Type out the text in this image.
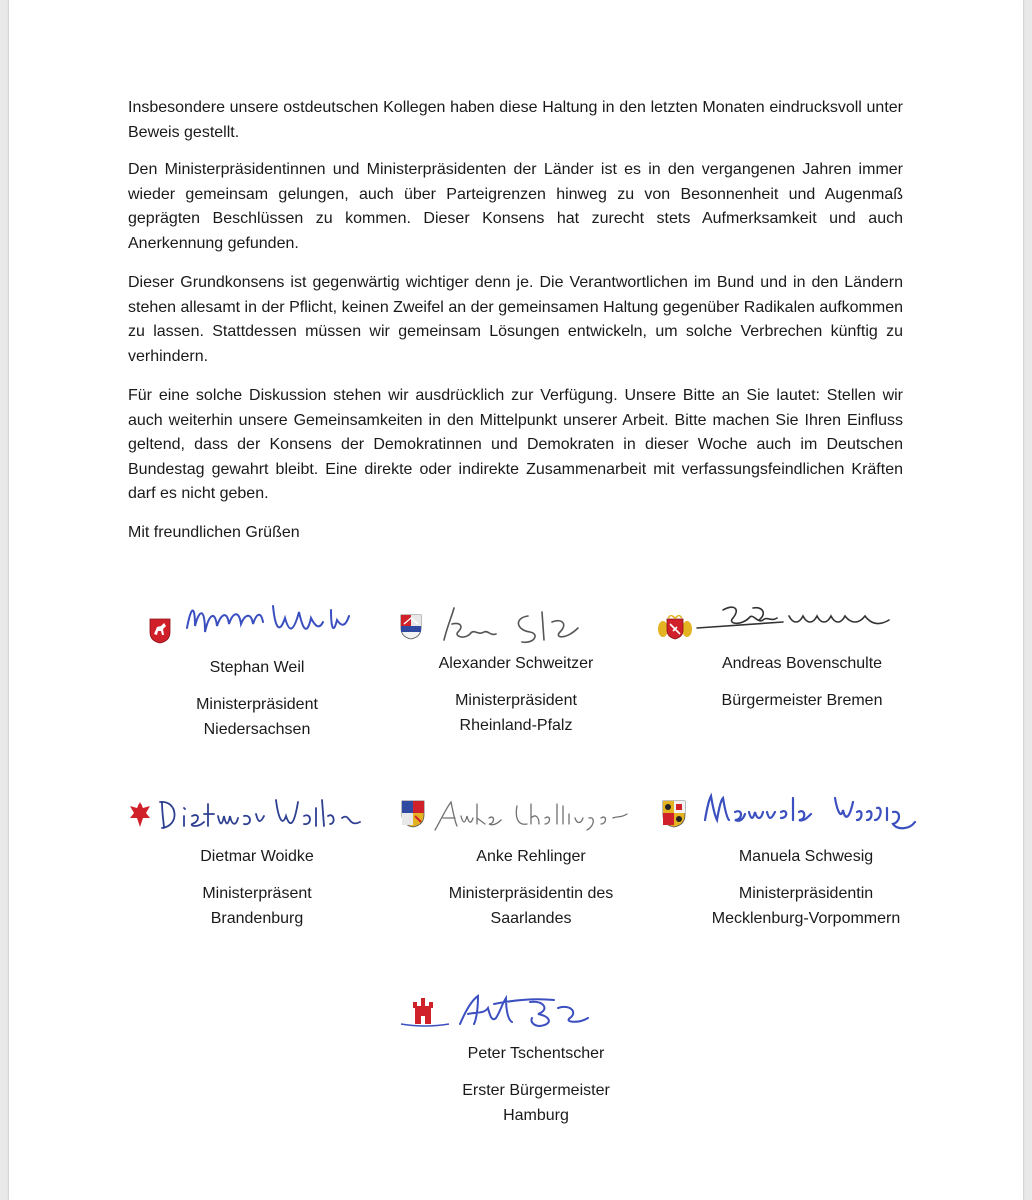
Insbesondere unsere ostdeutschen Kollegen haben diese Haltung in den letzten Monaten eindrucksvoll unter Beweis gestellt.

Den Ministerpräsidentinnen und Ministerpräsidenten der Länder ist es in den vergangenen Jahren immer wieder gemeinsam gelungen, auch über Parteigrenzen hinweg zu von Besonnenheit und Augenmaß geprägten Beschlüssen zu kommen. Dieser Konsens hat zurecht stets Aufmerksamkeit und auch Anerkennung gefunden.

Dieser Grundkonsens ist gegenwärtig wichtiger denn je. Die Verantwortlichen im Bund und in den Ländern stehen allesamt in der Pflicht, keinen Zweifel an der gemeinsamen Haltung gegenüber Radikalen aufkommen zu lassen. Stattdessen müssen wir gemeinsam Lösungen entwickeln, um solche Verbrechen künftig zu verhindern.

Für eine solche Diskussion stehen wir ausdrücklich zur Verfügung. Unsere Bitte an Sie lautet: Stellen wir auch weiterhin unsere Gemeinsamkeiten in den Mittelpunkt unserer Arbeit. Bitte machen Sie Ihren Einfluss geltend, dass der Konsens der Demokratinnen und Demokraten in dieser Woche auch im Deutschen Bundestag gewahrt bleibt. Eine direkte oder indirekte Zusammenarbeit mit verfassungsfeindlichen Kräften darf es nicht geben.

Mit freundlichen Grüßen

Stephan Weil
Ministerpräsident
Niedersachsen
Alexander Schweitzer
Ministerpräsident
Rheinland-Pfalz
Andreas Bovenschulte
Bürgermeister Bremen
Dietmar Woidke
Ministerpräsent
Brandenburg
Anke Rehlinger
Ministerpräsidentin des
Saarlandes
Manuela Schwesig
Ministerpräsidentin
Mecklenburg-Vorpommern
Peter Tschentscher
Erster Bürgermeister
Hamburg
